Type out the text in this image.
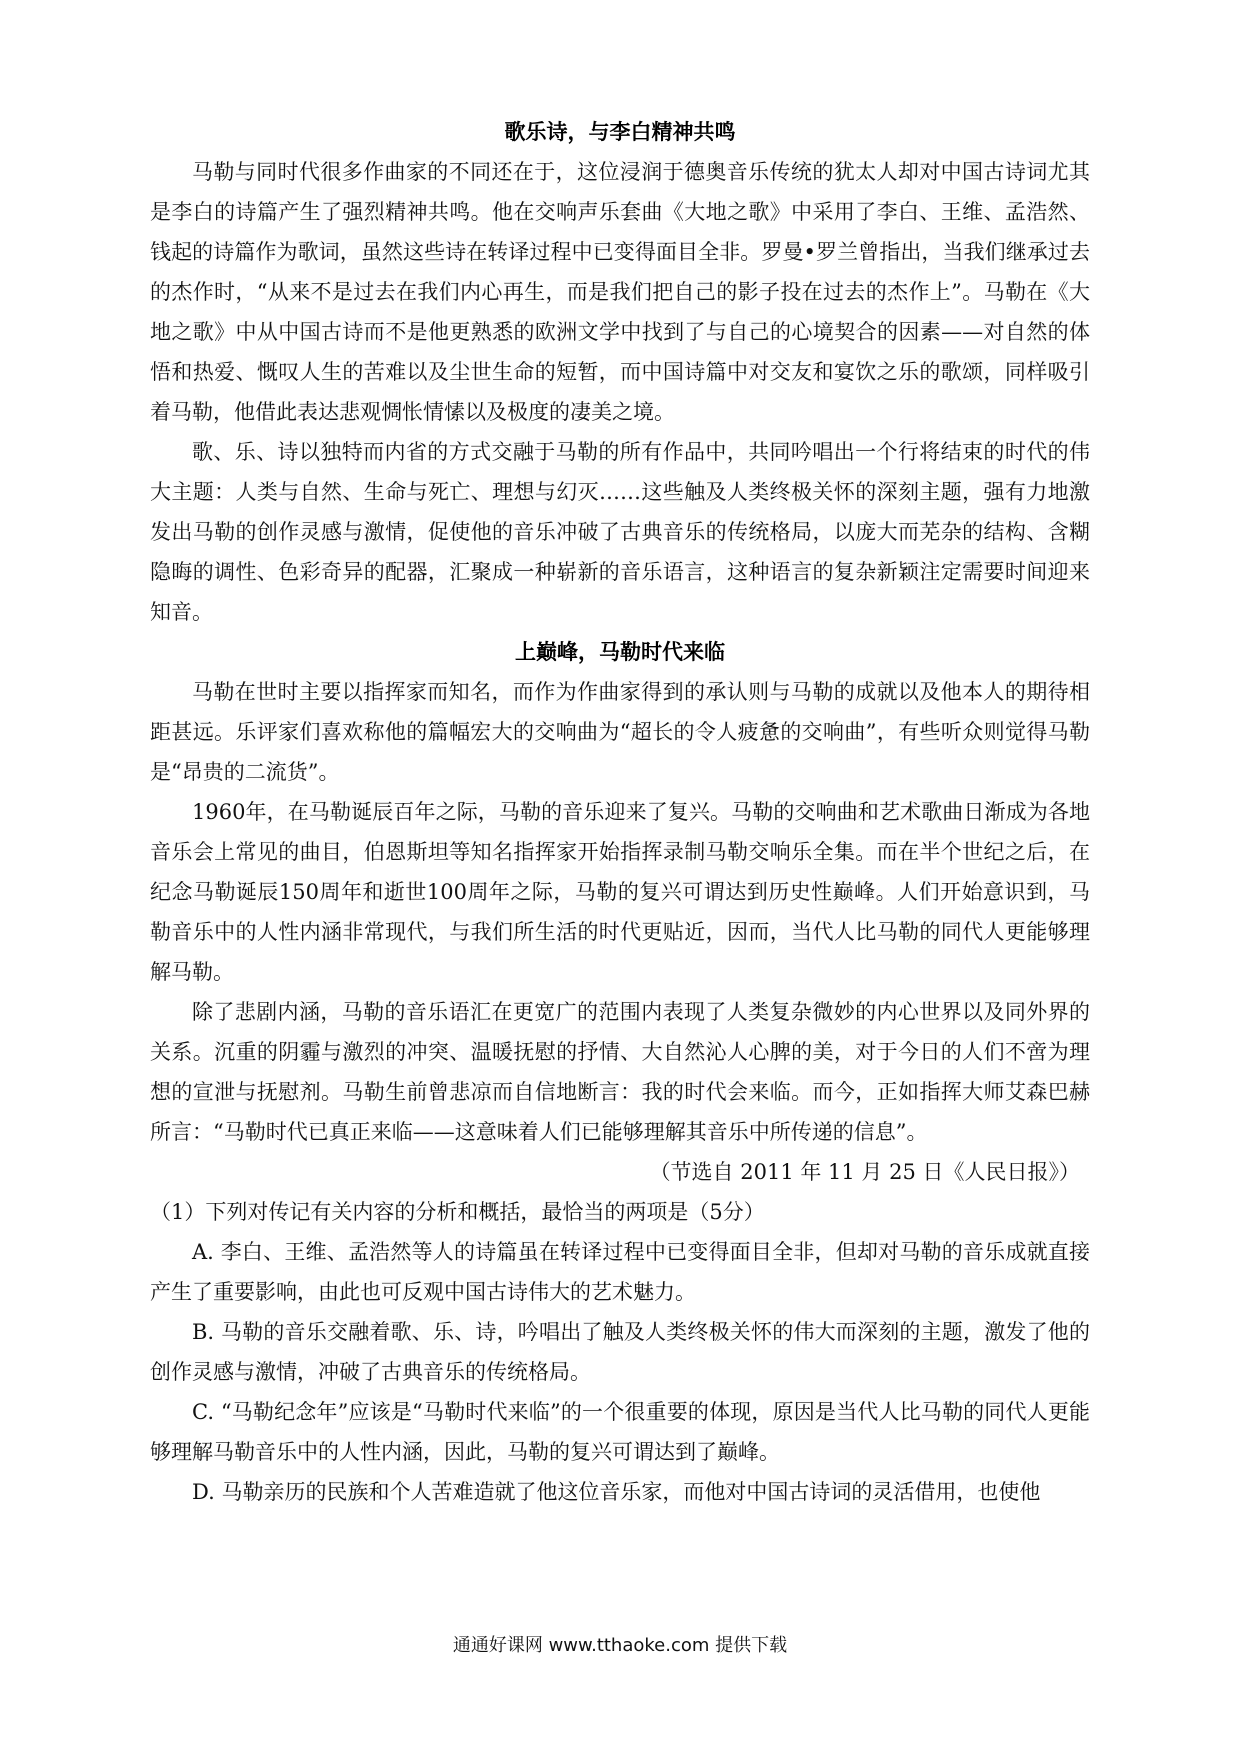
歌乐诗，与李白精神共鸣

马勒与同时代很多作曲家的不同还在于，这位浸润于德奥音乐传统的犹太人却对中国古诗词尤其是李白的诗篇产生了强烈精神共鸣。他在交响声乐套曲《大地之歌》中采用了李白、王维、孟浩然、钱起的诗篇作为歌词，虽然这些诗在转译过程中已变得面目全非。罗曼•罗兰曾指出，当我们继承过去的杰作时，“从来不是过去在我们内心再生，而是我们把自己的影子投在过去的杰作上”。马勒在《大地之歌》中从中国古诗而不是他更熟悉的欧洲文学中找到了与自己的心境契合的因素——对自然的体悟和热爱、慨叹人生的苦难以及尘世生命的短暂，而中国诗篇中对交友和宴饮之乐的歌颂，同样吸引着马勒，他借此表达悲观惆怅情愫以及极度的凄美之境。

歌、乐、诗以独特而内省的方式交融于马勒的所有作品中，共同吟唱出一个行将结束的时代的伟大主题：人类与自然、生命与死亡、理想与幻灭……这些触及人类终极关怀的深刻主题，强有力地激发出马勒的创作灵感与激情，促使他的音乐冲破了古典音乐的传统格局，以庞大而芜杂的结构、含糊隐晦的调性、色彩奇异的配器，汇聚成一种崭新的音乐语言，这种语言的复杂新颖注定需要时间迎来知音。

上巅峰，马勒时代来临

马勒在世时主要以指挥家而知名，而作为作曲家得到的承认则与马勒的成就以及他本人的期待相距甚远。乐评家们喜欢称他的篇幅宏大的交响曲为“超长的令人疲惫的交响曲”，有些听众则觉得马勒是“昂贵的二流货”。

1960年，在马勒诞辰百年之际，马勒的音乐迎来了复兴。马勒的交响曲和艺术歌曲日渐成为各地音乐会上常见的曲目，伯恩斯坦等知名指挥家开始指挥录制马勒交响乐全集。而在半个世纪之后，在纪念马勒诞辰150周年和逝世100周年之际，马勒的复兴可谓达到历史性巅峰。人们开始意识到，马勒音乐中的人性内涵非常现代，与我们所生活的时代更贴近，因而，当代人比马勒的同代人更能够理解马勒。

除了悲剧内涵，马勒的音乐语汇在更宽广的范围内表现了人类复杂微妙的内心世界以及同外界的关系。沉重的阴霾与激烈的冲突、温暖抚慰的抒情、大自然沁人心脾的美，对于今日的人们不啻为理想的宣泄与抚慰剂。马勒生前曾悲凉而自信地断言：我的时代会来临。而今，正如指挥大师艾森巴赫所言：“马勒时代已真正来临——这意味着人们已能够理解其音乐中所传递的信息”。

（节选自 2011 年 11 月 25 日《人民日报》）

（1）下列对传记有关内容的分析和概括，最恰当的两项是（5分）

A. 李白、王维、孟浩然等人的诗篇虽在转译过程中已变得面目全非，但却对马勒的音乐成就直接产生了重要影响，由此也可反观中国古诗伟大的艺术魅力。

B. 马勒的音乐交融着歌、乐、诗，吟唱出了触及人类终极关怀的伟大而深刻的主题，激发了他的创作灵感与激情，冲破了古典音乐的传统格局。

C. “马勒纪念年”应该是“马勒时代来临”的一个很重要的体现，原因是当代人比马勒的同代人更能够理解马勒音乐中的人性内涵，因此，马勒的复兴可谓达到了巅峰。

D. 马勒亲历的民族和个人苦难造就了他这位音乐家，而他对中国古诗词的灵活借用，也使他

通通好课网 www.tthaoke.com 提供下载
